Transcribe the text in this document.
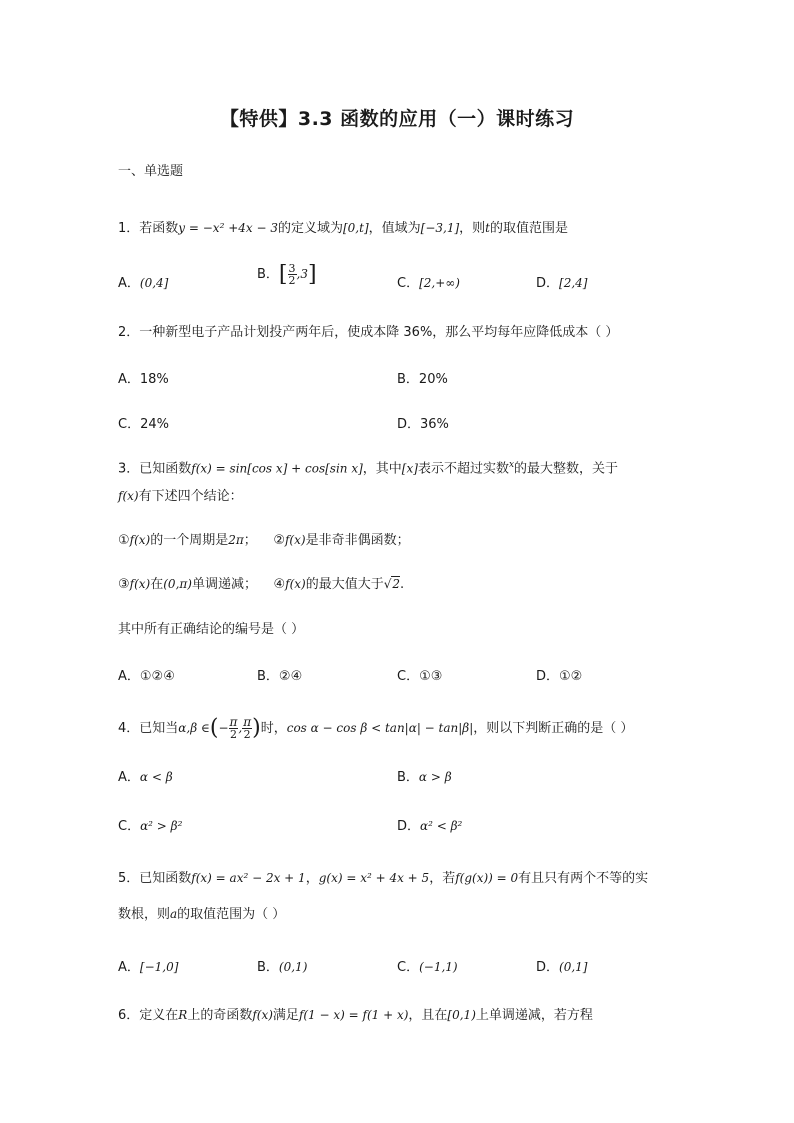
【特供】3.3 函数的应用（一）课时练习
一、单选题
1．若函数y = −x² +4x − 3的定义域为[0,t]，值域为[−3,1]，则t的取值范围是
A．(0,4]
B．[ $\frac{3}{2} ,3$]	C．[2,+∞)	D．[2,4]
2．一种新型电子产品计划投产两年后，使成本降 36%，那么平均每年应降低成本（ ）
A．18%	B．20%
C．24%	D．36%
3．已知函数f(x) = sin[cos x] + cos[sin x]，其中[x]表示不超过实数$^x$的最大整数，关于
f(x)有下述四个结论：
①f(x)的一个周期是2π； ②f(x)是非奇非偶函数；
③f(x)在(0,π)单调递减； ④f(x)的最大值大于√2.
其中所有正确结论的编号是（ ）
A．①②④	B．②④	C．①③	D．①②
4．已知当α,β ∈(− $\frac{\pi}{2}$ , $\frac{\pi}{2}$ )时，cos α − cos β < tan|α| − tan|β|，则以下判断正确的是（ ）
A．α < β	B．α > β
C．α² > β²	D．α² < β²
5．已知函数f(x) = ax² − 2x + 1，g(x) = x² + 4x + 5，若f(g(x)) = 0有且只有两个不等的实
数根，则a的取值范围为（ ）
A．[−1,0]	B．(0,1)	C．(−1,1)	D．(0,1]
6．定义在R上的奇函数f(x)满足f(1 − x) = f(1 + x)，且在[0,1)上单调递减，若方程
